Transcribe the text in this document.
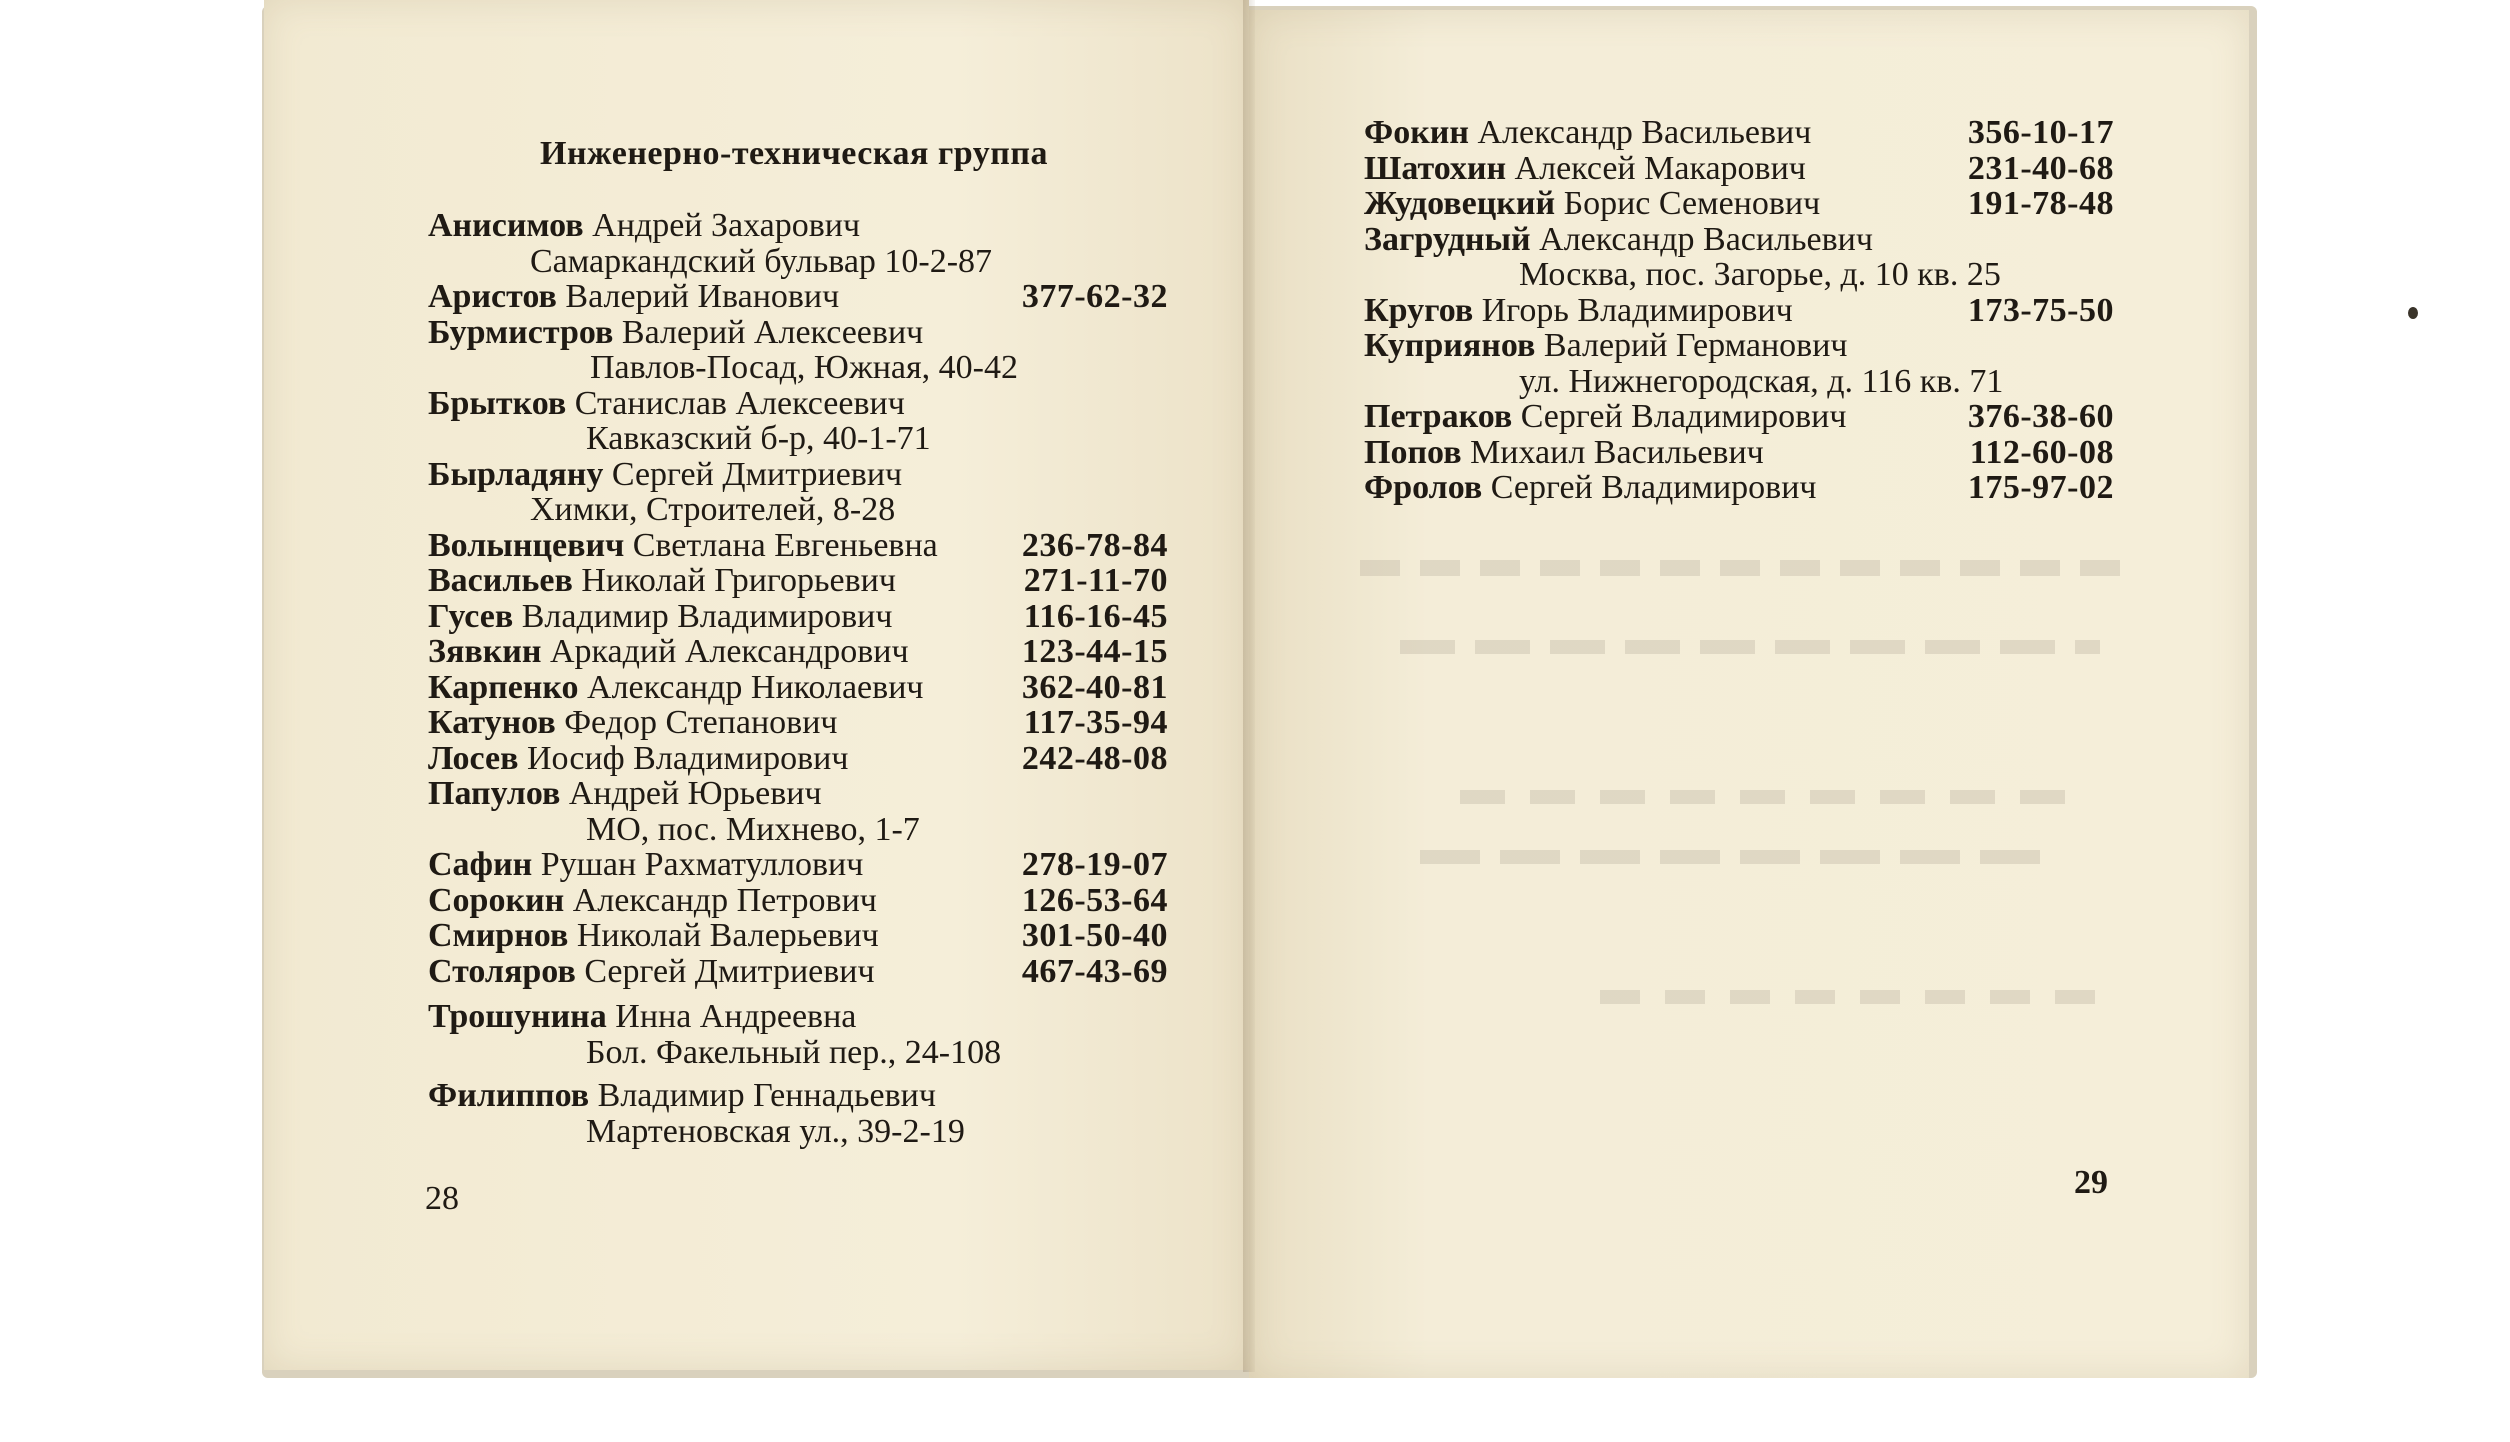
Инженерно-техническая группа
Анисимов Андрей Захарович
Самаркандский бульвар 10-2-87
Аристов Валерий Иванович	377-62-32
Бурмистров Валерий Алексеевич
Павлов-Посад, Южная, 40-42
Брытков Станислав Алексеевич
Кавказский б-р, 40-1-71
Бырладяну Сергей Дмитриевич
Химки, Строителей, 8-28
Волынцевич Светлана Евгеньевна 236-78-84
Васильев Николай Григорьевич	271-11-70
Гусев Владимир Владимирович	116-16-45
Зявкин Аркадий Александрович	123-44-15
Карпенко Александр Николаевич	362-40-81
Катунов Федор Степанович	117-35-94
Лосев Иосиф Владимирович	242-48-08
Папулов Андрей Юрьевич
МО, пос. Михнево, 1-7
Сафин Рушан Рахматуллович	278-19-07
Сорокин Александр Петрович	126-53-64
Смирнов Николай Валерьевич	301-50-40
Столяров Сергей Дмитриевич	467-43-69
Трошунина Инна Андреевна
Бол. Факельный пер., 24-108
Филиппов Владимир Геннадьевич
Мартеновская ул., 39-2-19
Фокин Александр Васильевич	356-10-17
Шатохин Алексей Макарович	231-40-68
Жудовецкий Борис Семенович	191-78-48
Загрудный Александр Васильевич
Москва, пос. Загорье, д. 10 кв. 25
Кругов Игорь Владимирович	173-75-50
Куприянов Валерий Германович
ул. Нижнегородская, д. 116 кв. 71
Петраков Сергей Владимирович	376-38-60
Попов Михаил Васильевич	112-60-08
Фролов Сергей Владимирович	175-97-02
28	29
